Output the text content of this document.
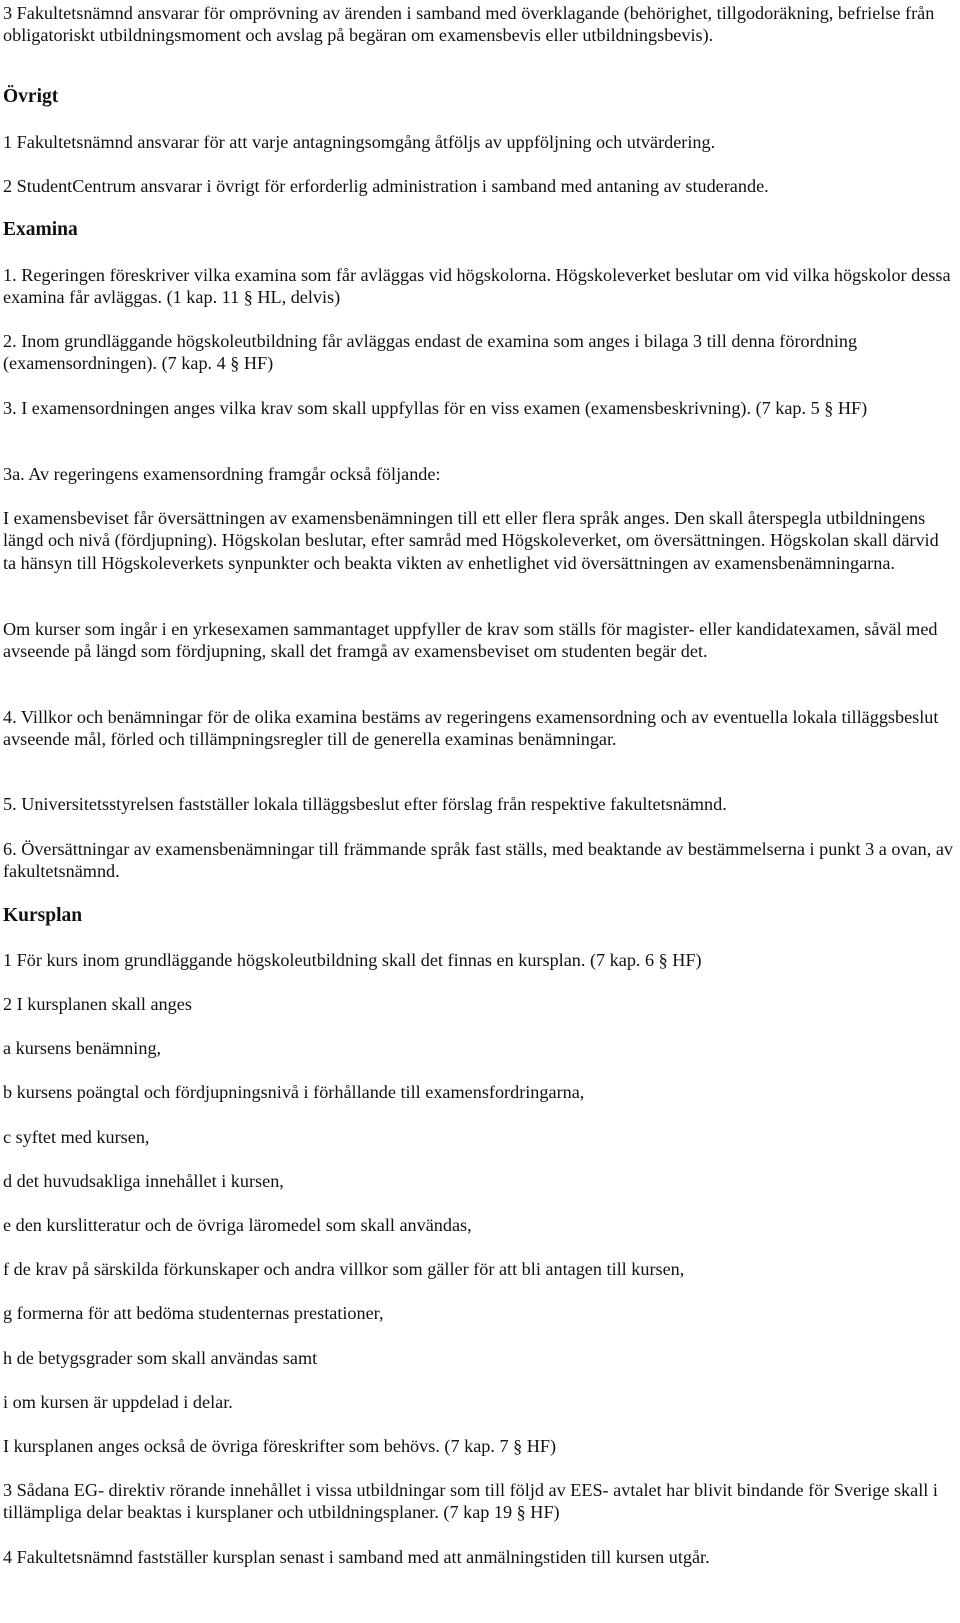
3 Fakultetsnämnd ansvarar för omprövning av ärenden i samband med överklagande (behörighet, tillgodoräkning, befrielse från obligatoriskt utbildningsmoment och avslag på begäran om examensbevis eller utbildningsbevis).

Övrigt

1 Fakultetsnämnd ansvarar för att varje antagningsomgång åtföljs av uppföljning och utvärdering.

2 StudentCentrum ansvarar i övrigt för erforderlig administration i samband med antaning av studerande.

Examina

1. Regeringen föreskriver vilka examina som får avläggas vid högskolorna. Högskoleverket beslutar om vid vilka högskolor dessa examina får avläggas. (1 kap. 11 § HL, delvis)

2. Inom grundläggande högskoleutbildning får avläggas endast de examina som anges i bilaga 3 till denna förordning (examensordningen). (7 kap. 4 § HF)

3. I examensordningen anges vilka krav som skall uppfyllas för en viss examen (examensbeskrivning). (7 kap. 5 § HF)

3a. Av regeringens examensordning framgår också följande:

I examensbeviset får översättningen av examensbenämningen till ett eller flera språk anges. Den skall återspegla utbildningens längd och nivå (fördjupning). Högskolan beslutar, efter samråd med Högskoleverket, om översättningen. Högskolan skall därvid ta hänsyn till Högskoleverkets synpunkter och beakta vikten av enhetlighet vid översättningen av examensbenämningarna.

Om kurser som ingår i en yrkesexamen sammantaget uppfyller de krav som ställs för magister- eller kandidatexamen, såväl med avseende på längd som fördjupning, skall det framgå av examensbeviset om studenten begär det.

4. Villkor och benämningar för de olika examina bestäms av regeringens examensordning och av eventuella lokala tilläggsbeslut avseende mål, förled och tillämpningsregler till de generella examinas benämningar.

5. Universitetsstyrelsen fastställer lokala tilläggsbeslut efter förslag från respektive fakultetsnämnd.

6. Översättningar av examensbenämningar till främmande språk fast ställs, med beaktande av bestämmelserna i punkt 3 a ovan, av fakultetsnämnd.

Kursplan

1 För kurs inom grundläggande högskoleutbildning skall det finnas en kursplan. (7 kap. 6 § HF)

2 I kursplanen skall anges

a kursens benämning,

b kursens poängtal och fördjupningsnivå i förhållande till examensfordringarna,

c syftet med kursen,

d det huvudsakliga innehållet i kursen,

e den kurslitteratur och de övriga läromedel som skall användas,

f de krav på särskilda förkunskaper och andra villkor som gäller för att bli antagen till kursen,

g formerna för att bedöma studenternas prestationer,

h de betygsgrader som skall användas samt

i om kursen är uppdelad i delar.

I kursplanen anges också de övriga föreskrifter som behövs. (7 kap. 7 § HF)

3 Sådana EG- direktiv rörande innehållet i vissa utbildningar som till följd av EES- avtalet har blivit bindande för Sverige skall i tillämpliga delar beaktas i kursplaner och utbildningsplaner. (7 kap 19 § HF)

4 Fakultetsnämnd fastställer kursplan senast i samband med att anmälningstiden till kursen utgår.
